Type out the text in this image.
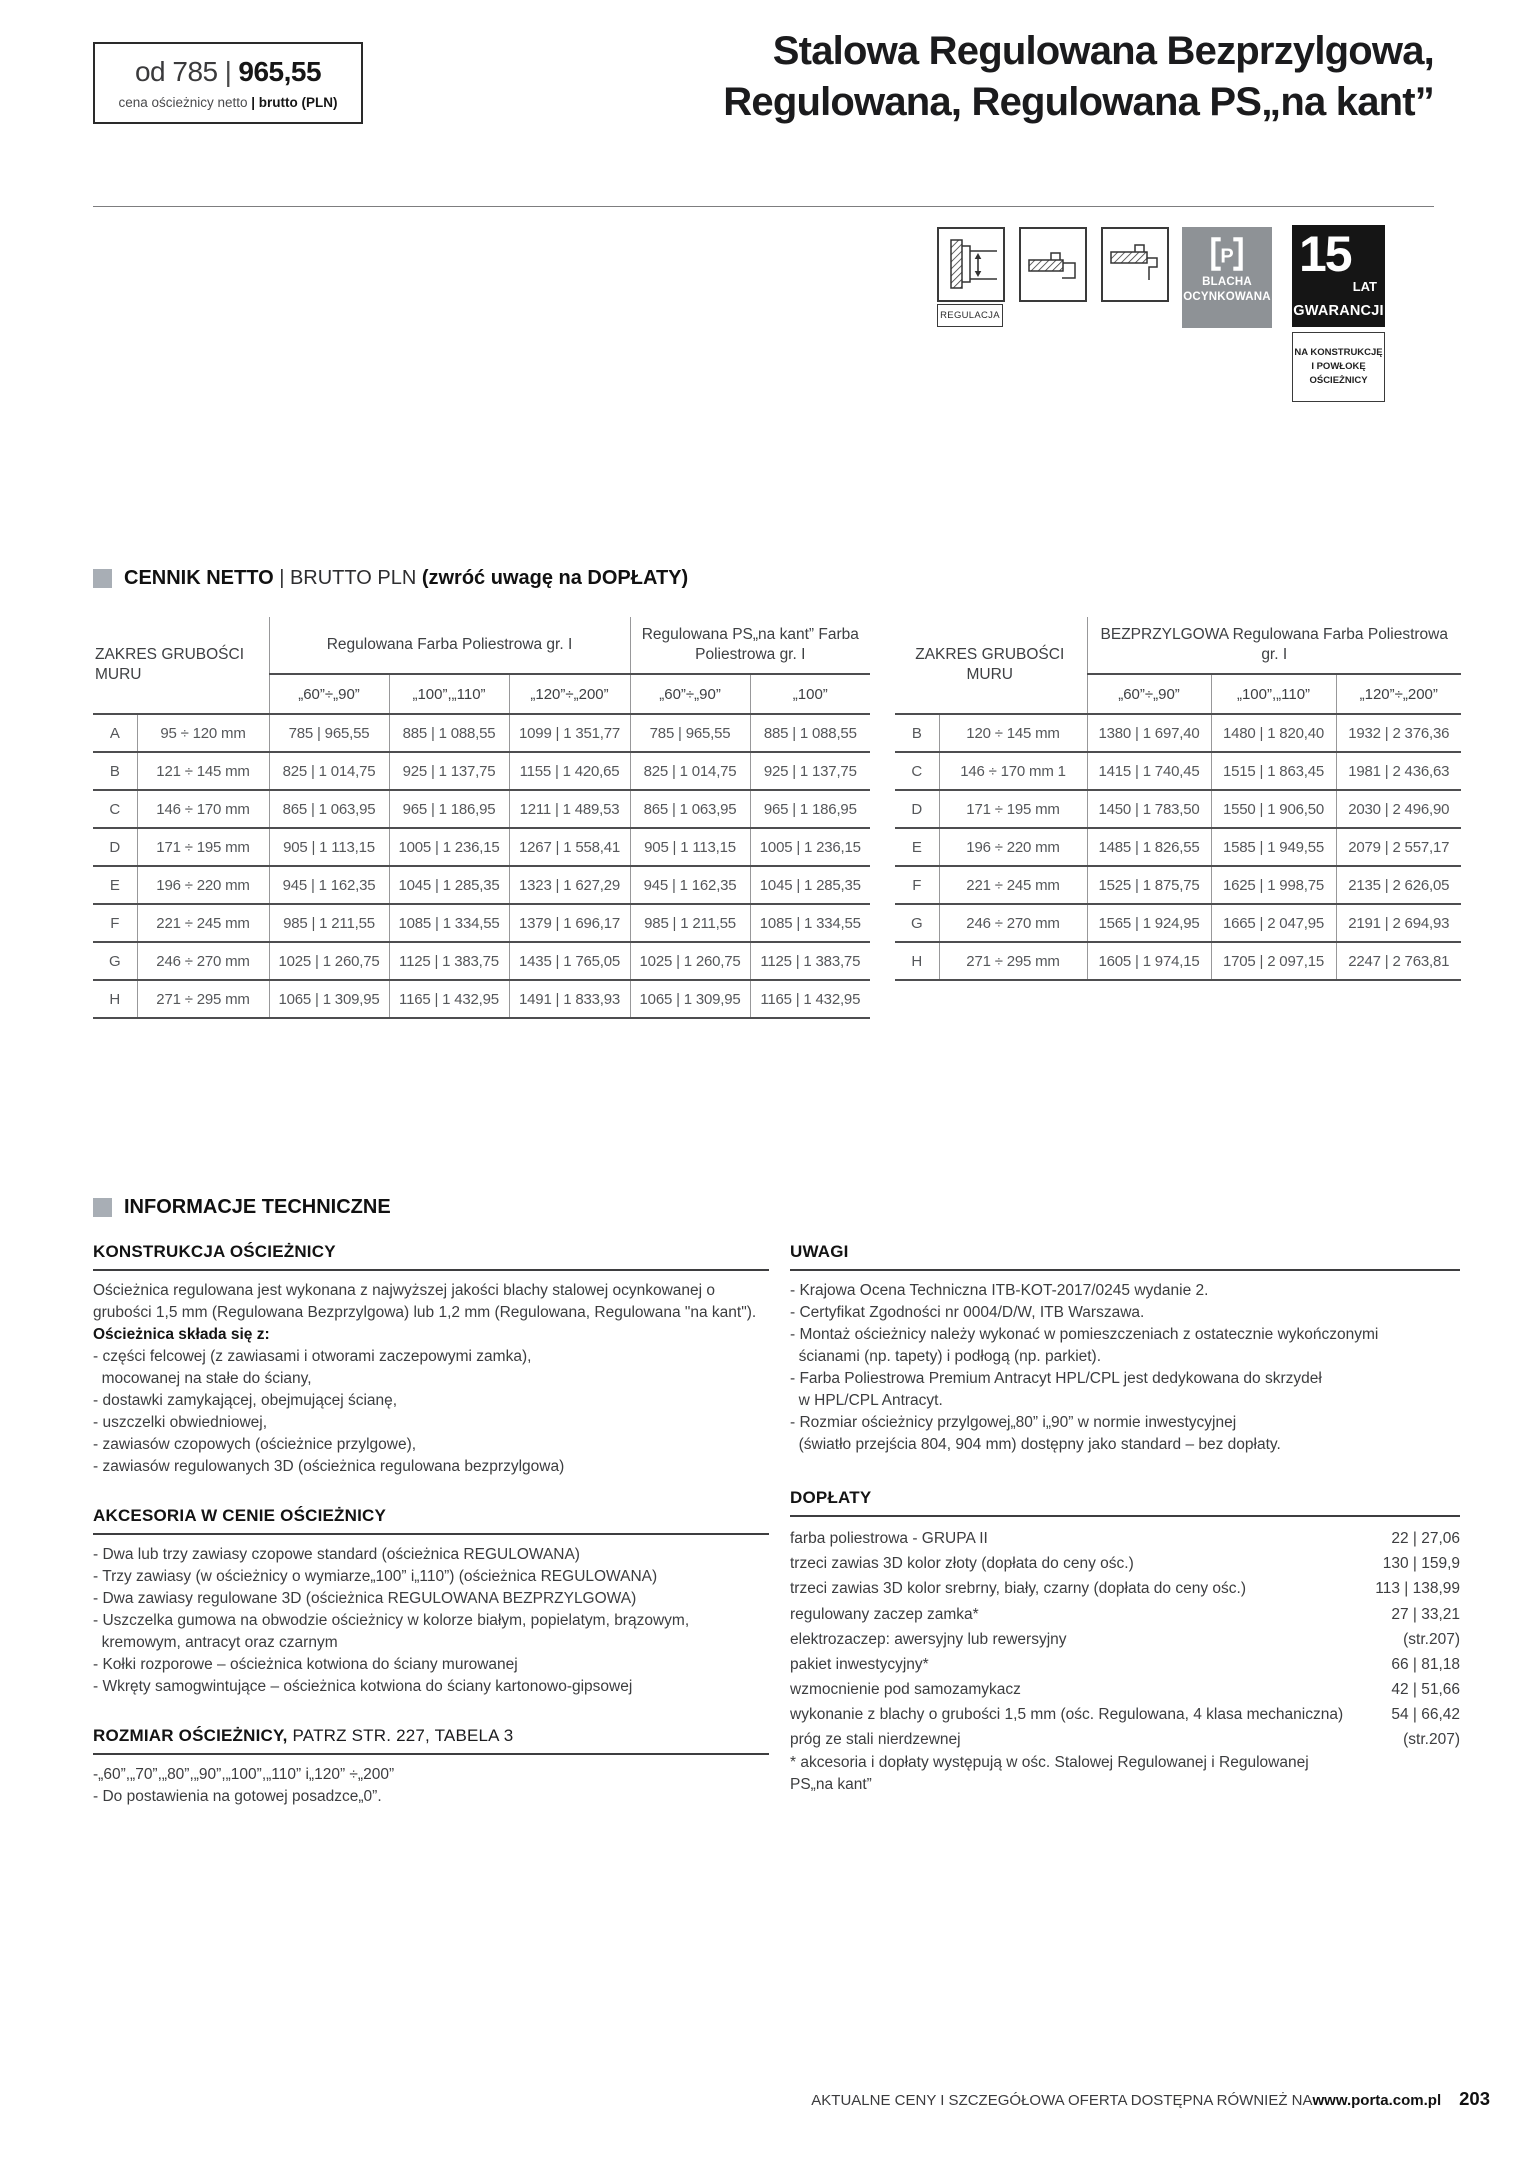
od 785 | 965,55
cena ościeżnicy netto | brutto (PLN)
Stalowa Regulowana Bezprzylgowa,
Regulowana, Regulowana PS„na kant”
REGULACJA
P
BLACHA
OCYNKOWANA
15
LAT
GWARANCJI
NA KONSTRUKCJĘ
I POWŁOKĘ
OŚCIEŻNICY
CENNIK NETTO | BRUTTO PLN (zwróć uwagę na DOPŁATY)
ZAKRES GRUBOŚCI MURU		Regulowana Farba Poliestrowa gr. I			Regulowana PS„na kant” Farba Poliestrowa gr. I	
		„60”÷„90”	„100”,„110”	„120”÷„200”	„60”÷„90”	„100”
A	95 ÷ 120 mm	785 | 965,55	885 | 1 088,55	1099 | 1 351,77	785 | 965,55	885 | 1 088,55
B	121 ÷ 145 mm	825 | 1 014,75	925 | 1 137,75	1155 | 1 420,65	825 | 1 014,75	925 | 1 137,75
C	146 ÷ 170 mm	865 | 1 063,95	965 | 1 186,95	1211 | 1 489,53	865 | 1 063,95	965 | 1 186,95
D	171 ÷ 195 mm	905 | 1 113,15	1005 | 1 236,15	1267 | 1 558,41	905 | 1 113,15	1005 | 1 236,15
E	196 ÷ 220 mm	945 | 1 162,35	1045 | 1 285,35	1323 | 1 627,29	945 | 1 162,35	1045 | 1 285,35
F	221 ÷ 245 mm	985 | 1 211,55	1085 | 1 334,55	1379 | 1 696,17	985 | 1 211,55	1085 | 1 334,55
G	246 ÷ 270 mm	1025 | 1 260,75	1125 | 1 383,75	1435 | 1 765,05	1025 | 1 260,75	1125 | 1 383,75
H	271 ÷ 295 mm	1065 | 1 309,95	1165 | 1 432,95	1491 | 1 833,93	1065 | 1 309,95	1165 | 1 432,95
ZAKRES GRUBOŚCI MURU		BEZPRZYLGOWA Regulowana Farba Poliestrowa gr. I		
		„60”÷„90”	„100”,„110”	„120”÷„200”
B	120 ÷ 145 mm	1380 | 1 697,40	1480 | 1 820,40	1932 | 2 376,36
C	146 ÷ 170 mm 1	1415 | 1 740,45	1515 | 1 863,45	1981 | 2 436,63
D	171 ÷ 195 mm	1450 | 1 783,50	1550 | 1 906,50	2030 | 2 496,90
E	196 ÷ 220 mm	1485 | 1 826,55	1585 | 1 949,55	2079 | 2 557,17
F	221 ÷ 245 mm	1525 | 1 875,75	1625 | 1 998,75	2135 | 2 626,05
G	246 ÷ 270 mm	1565 | 1 924,95	1665 | 2 047,95	2191 | 2 694,93
H	271 ÷ 295 mm	1605 | 1 974,15	1705 | 2 097,15	2247 | 2 763,81
INFORMACJE TECHNICZNE
KONSTRUKCJA OŚCIEŻNICY
Ościeżnica regulowana jest wykonana z najwyższej jakości blachy stalowej ocynkowanej o grubości 1,5 mm (Regulowana Bezprzylgowa) lub 1,2 mm (Regulowana, Regulowana "na kant").
Ościeżnica składa się z:
- części felcowej (z zawiasami i otworami zaczepowymi zamka),
mocowanej na stałe do ściany,
- dostawki zamykającej, obejmującej ścianę,
- uszczelki obwiedniowej,
- zawiasów czopowych (ościeżnice przylgowe),
- zawiasów regulowanych 3D (ościeżnica regulowana bezprzylgowa)
AKCESORIA W CENIE OŚCIEŻNICY
- Dwa lub trzy zawiasy czopowe standard (ościeżnica REGULOWANA)
- Trzy zawiasy (w ościeżnicy o wymiarze„100” i„110”) (ościeżnica REGULOWANA)
- Dwa zawiasy regulowane 3D (ościeżnica REGULOWANA BEZPRZYLGOWA)
- Uszczelka gumowa na obwodzie ościeżnicy w kolorze białym, popielatym, brązowym,
kremowym, antracyt oraz czarnym
- Kołki rozporowe – ościeżnica kotwiona do ściany murowanej
- Wkręty samogwintujące – ościeżnica kotwiona do ściany kartonowo-gipsowej
ROZMIAR OŚCIEŻNICY, PATRZ STR. 227, TABELA 3
-„60”,„70”,„80”,„90”,„100”,„110” i„120” ÷„200”
- Do postawienia na gotowej posadzce„0”.
UWAGI
- Krajowa Ocena Techniczna ITB-KOT-2017/0245 wydanie 2.
- Certyfikat Zgodności nr 0004/D/W, ITB Warszawa.
- Montaż ościeżnicy należy wykonać w pomieszczeniach z ostatecznie wykończonymi
ścianami (np. tapety) i podłogą (np. parkiet).
- Farba Poliestrowa Premium Antracyt HPL/CPL jest dedykowana do skrzydeł
w HPL/CPL Antracyt.
- Rozmiar ościeżnicy przylgowej„80” i„90” w normie inwestycyjnej
(światło przejścia 804, 904 mm) dostępny jako standard – bez dopłaty.
DOPŁATY
farba poliestrowa - GRUPA II	22 | 27,06
trzeci zawias 3D kolor złoty (dopłata do ceny ośc.)	130 | 159,9
trzeci zawias 3D kolor srebrny, biały, czarny (dopłata do ceny ośc.)	113 | 138,99
regulowany zaczep zamka*	27 | 33,21
elektrozaczep: awersyjny lub rewersyjny	(str.207)
pakiet inwestycyjny*	66 | 81,18
wzmocnienie pod samozamykacz	42 | 51,66
wykonanie z blachy o grubości 1,5 mm (ośc. Regulowana, 4 klasa mechaniczna)	54 | 66,42
próg ze stali nierdzewnej	(str.207)
* akcesoria i dopłaty występują w ośc. Stalowej Regulowanej i Regulowanej
PS„na kant”
AKTUALNE CENY I SZCZEGÓŁOWA OFERTA DOSTĘPNA RÓWNIEŻ NA www.porta.com.pl 203
